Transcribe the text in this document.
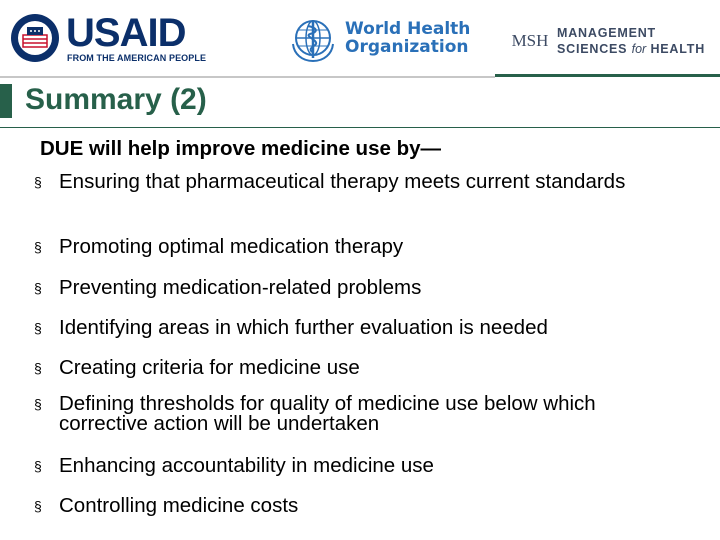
USAID
FROM THE AMERICAN PEOPLE
World Health
Organization	MSH MANAGEMENT
SCIENCES for HEALTH
Summary (2)
DUE will help improve medicine use by—
§ Ensuring that pharmaceutical therapy meets current standards
§ Promoting optimal medication therapy
§ Preventing medication-related problems
§ Identifying areas in which further evaluation is needed
§ Creating criteria for medicine use
§ Defining thresholds for quality of medicine use below which corrective action will be undertaken
§ Enhancing accountability in medicine use
§ Controlling medicine costs
